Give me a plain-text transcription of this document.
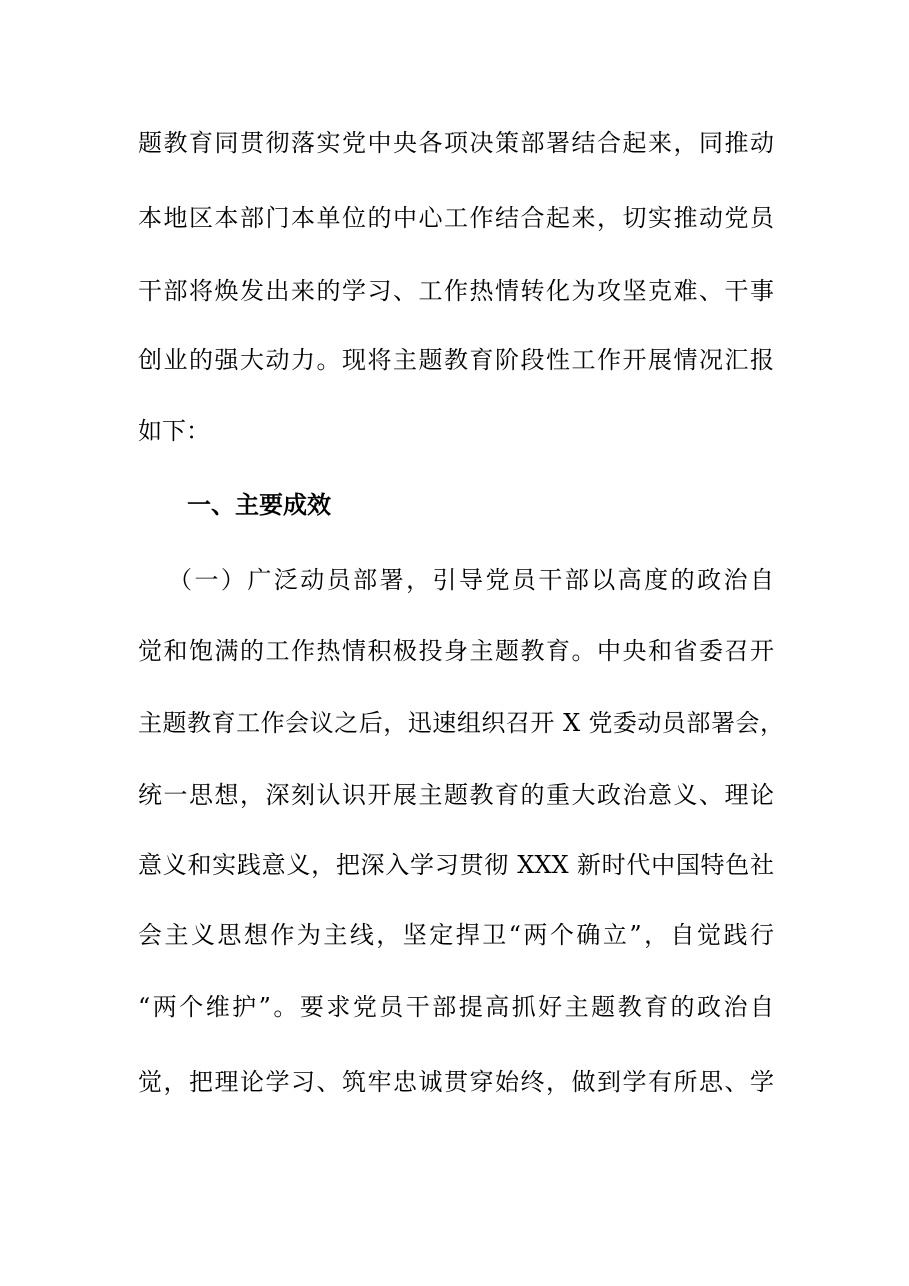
题教育同贯彻落实党中央各项决策部署结合起来，同推动
本地区本部门本单位的中心工作结合起来，切实推动党员
干部将焕发出来的学习、工作热情转化为攻坚克难、干事
创业的强大动力。现将主题教育阶段性工作开展情况汇报
如下：
一、主要成效
（一）广泛动员部署，引导党员干部以高度的政治自
觉和饱满的工作热情积极投身主题教育。中央和省委召开
主题教育工作会议之后，迅速组织召开 X 党委动员部署会，
统一思想，深刻认识开展主题教育的重大政治意义、理论
意义和实践意义，把深入学习贯彻 XXX 新时代中国特色社
会主义思想作为主线，坚定捍卫“两个确立”，自觉践行
“两个维护”。要求党员干部提高抓好主题教育的政治自
觉，把理论学习、筑牢忠诚贯穿始终，做到学有所思、学
